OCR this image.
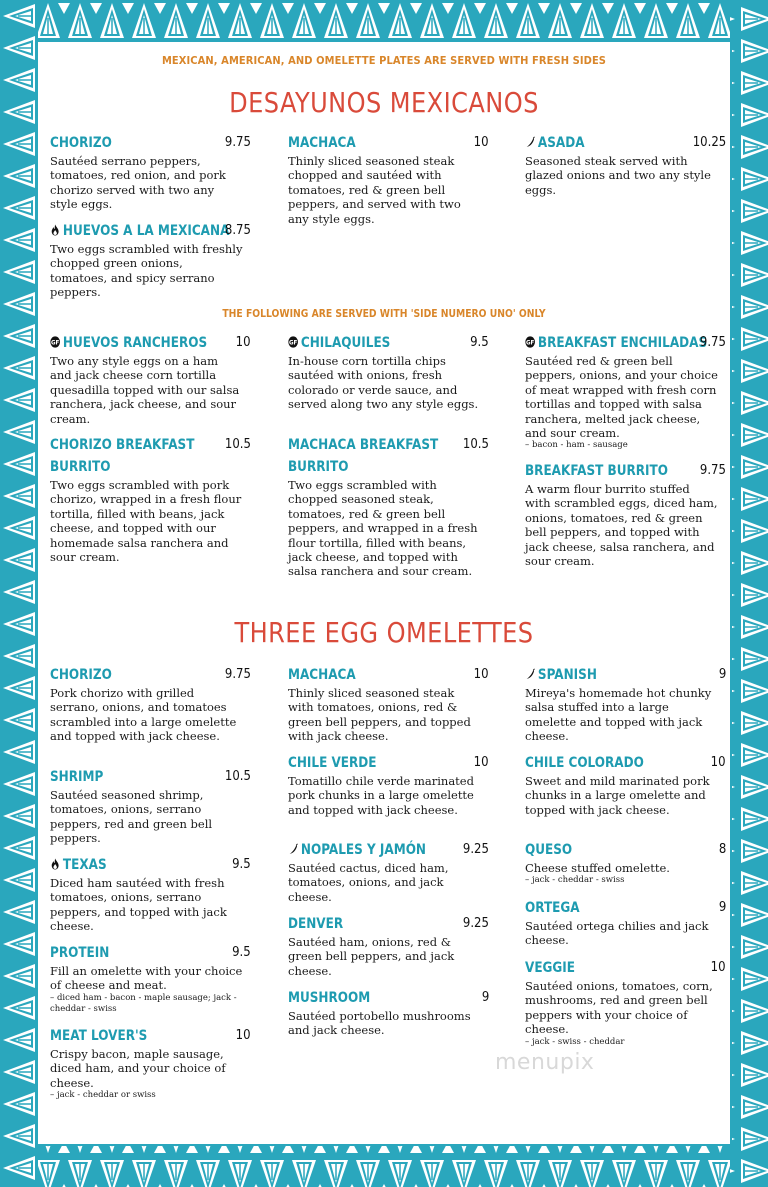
MEXICAN, AMERICAN, AND OMELETTE PLATES ARE SERVED WITH FRESH SIDES
DESAYUNOS MEXICANOS
THE FOLLOWING ARE SERVED WITH 'SIDE NUMERO UNO' ONLY
THREE EGG OMELETTES
CHORIZO	9.75
Sautéed serrano peppers, tomatoes, red onion, and pork chorizo served with two any style eggs.
MACHACA	10
Thinly sliced seasoned steak chopped and sautéed with tomatoes, red & green bell peppers, and served with two any style eggs.
ASADA	10.25
Seasoned steak served with glazed onions and two any style eggs.
HUEVOS A LA MEXICANA
8.75
Two eggs scrambled with freshly chopped green onions, tomatoes, and spicy serrano peppers.
GF HUEVOS RANCHEROS 10
Two any style eggs on a ham and jack cheese corn tortilla quesadilla topped with our salsa ranchera, jack cheese, and sour cream.
GF CHILAQUILES	9.5
In-house corn tortilla chips sautéed with onions, fresh colorado or verde sauce, and served along two any style eggs.
GF BREAKFAST ENCHILADAS
9.75
Sautéed red & green bell peppers, onions, and your choice of meat wrapped with fresh corn tortillas and topped with salsa ranchera, melted jack cheese, and sour cream.
– bacon - ham - sausage
CHORIZO BREAKFAST BURRITO
10.5
Two eggs scrambled with pork chorizo, wrapped in a fresh flour tortilla, filled with beans, jack cheese, and topped with our homemade salsa ranchera and sour cream.
MACHACA BREAKFAST BURRITO
10.5
Two eggs scrambled with chopped seasoned steak, tomatoes, red & green bell peppers, and wrapped in a fresh flour tortilla, filled with beans, jack cheese, and topped with salsa ranchera and sour cream.
BREAKFAST BURRITO 9.75
A warm flour burrito stuffed with scrambled eggs, diced ham, onions, tomatoes, red & green bell peppers, and topped with jack cheese, salsa ranchera, and sour cream.
CHORIZO	9.75
Pork chorizo with grilled serrano, onions, and tomatoes scrambled into a large omelette and topped with jack cheese.
SHRIMP	10.5
Sautéed seasoned shrimp, tomatoes, onions, serrano peppers, red and green bell peppers.
TEXAS	9.5
Diced ham sautéed with fresh tomatoes, onions, serrano peppers, and topped with jack cheese.
PROTEIN	9.5
Fill an omelette with your choice of cheese and meat.
– diced ham - bacon - maple sausage; jack - cheddar - swiss
MEAT LOVER'S	10
Crispy bacon, maple sausage, diced ham, and your choice of cheese.
– jack - cheddar or swiss
MACHACA	10
Thinly sliced seasoned steak with tomatoes, onions, red & green bell peppers, and topped with jack cheese.
CHILE VERDE	10
Tomatillo chile verde marinated pork chunks in a large omelette and topped with jack cheese.
NOPALES Y JAMÓN	9.25
Sautéed cactus, diced ham, tomatoes, onions, and jack cheese.
DENVER	9.25
Sautéed ham, onions, red & green bell peppers, and jack cheese.
MUSHROOM	9
Sautéed portobello mushrooms and jack cheese.
SPANISH	9
Mireya's homemade hot chunky salsa stuffed into a large omelette and topped with jack cheese.
CHILE COLORADO	10
Sweet and mild marinated pork chunks in a large omelette and topped with jack cheese.
QUESO	8
Cheese stuffed omelette.
– jack - cheddar - swiss
ORTEGA	9
Sautéed ortega chilies and jack cheese.
VEGGIE	10
Sautéed onions, tomatoes, corn, mushrooms, red and green bell peppers with your choice of cheese.
– jack - swiss - cheddar
menupix
